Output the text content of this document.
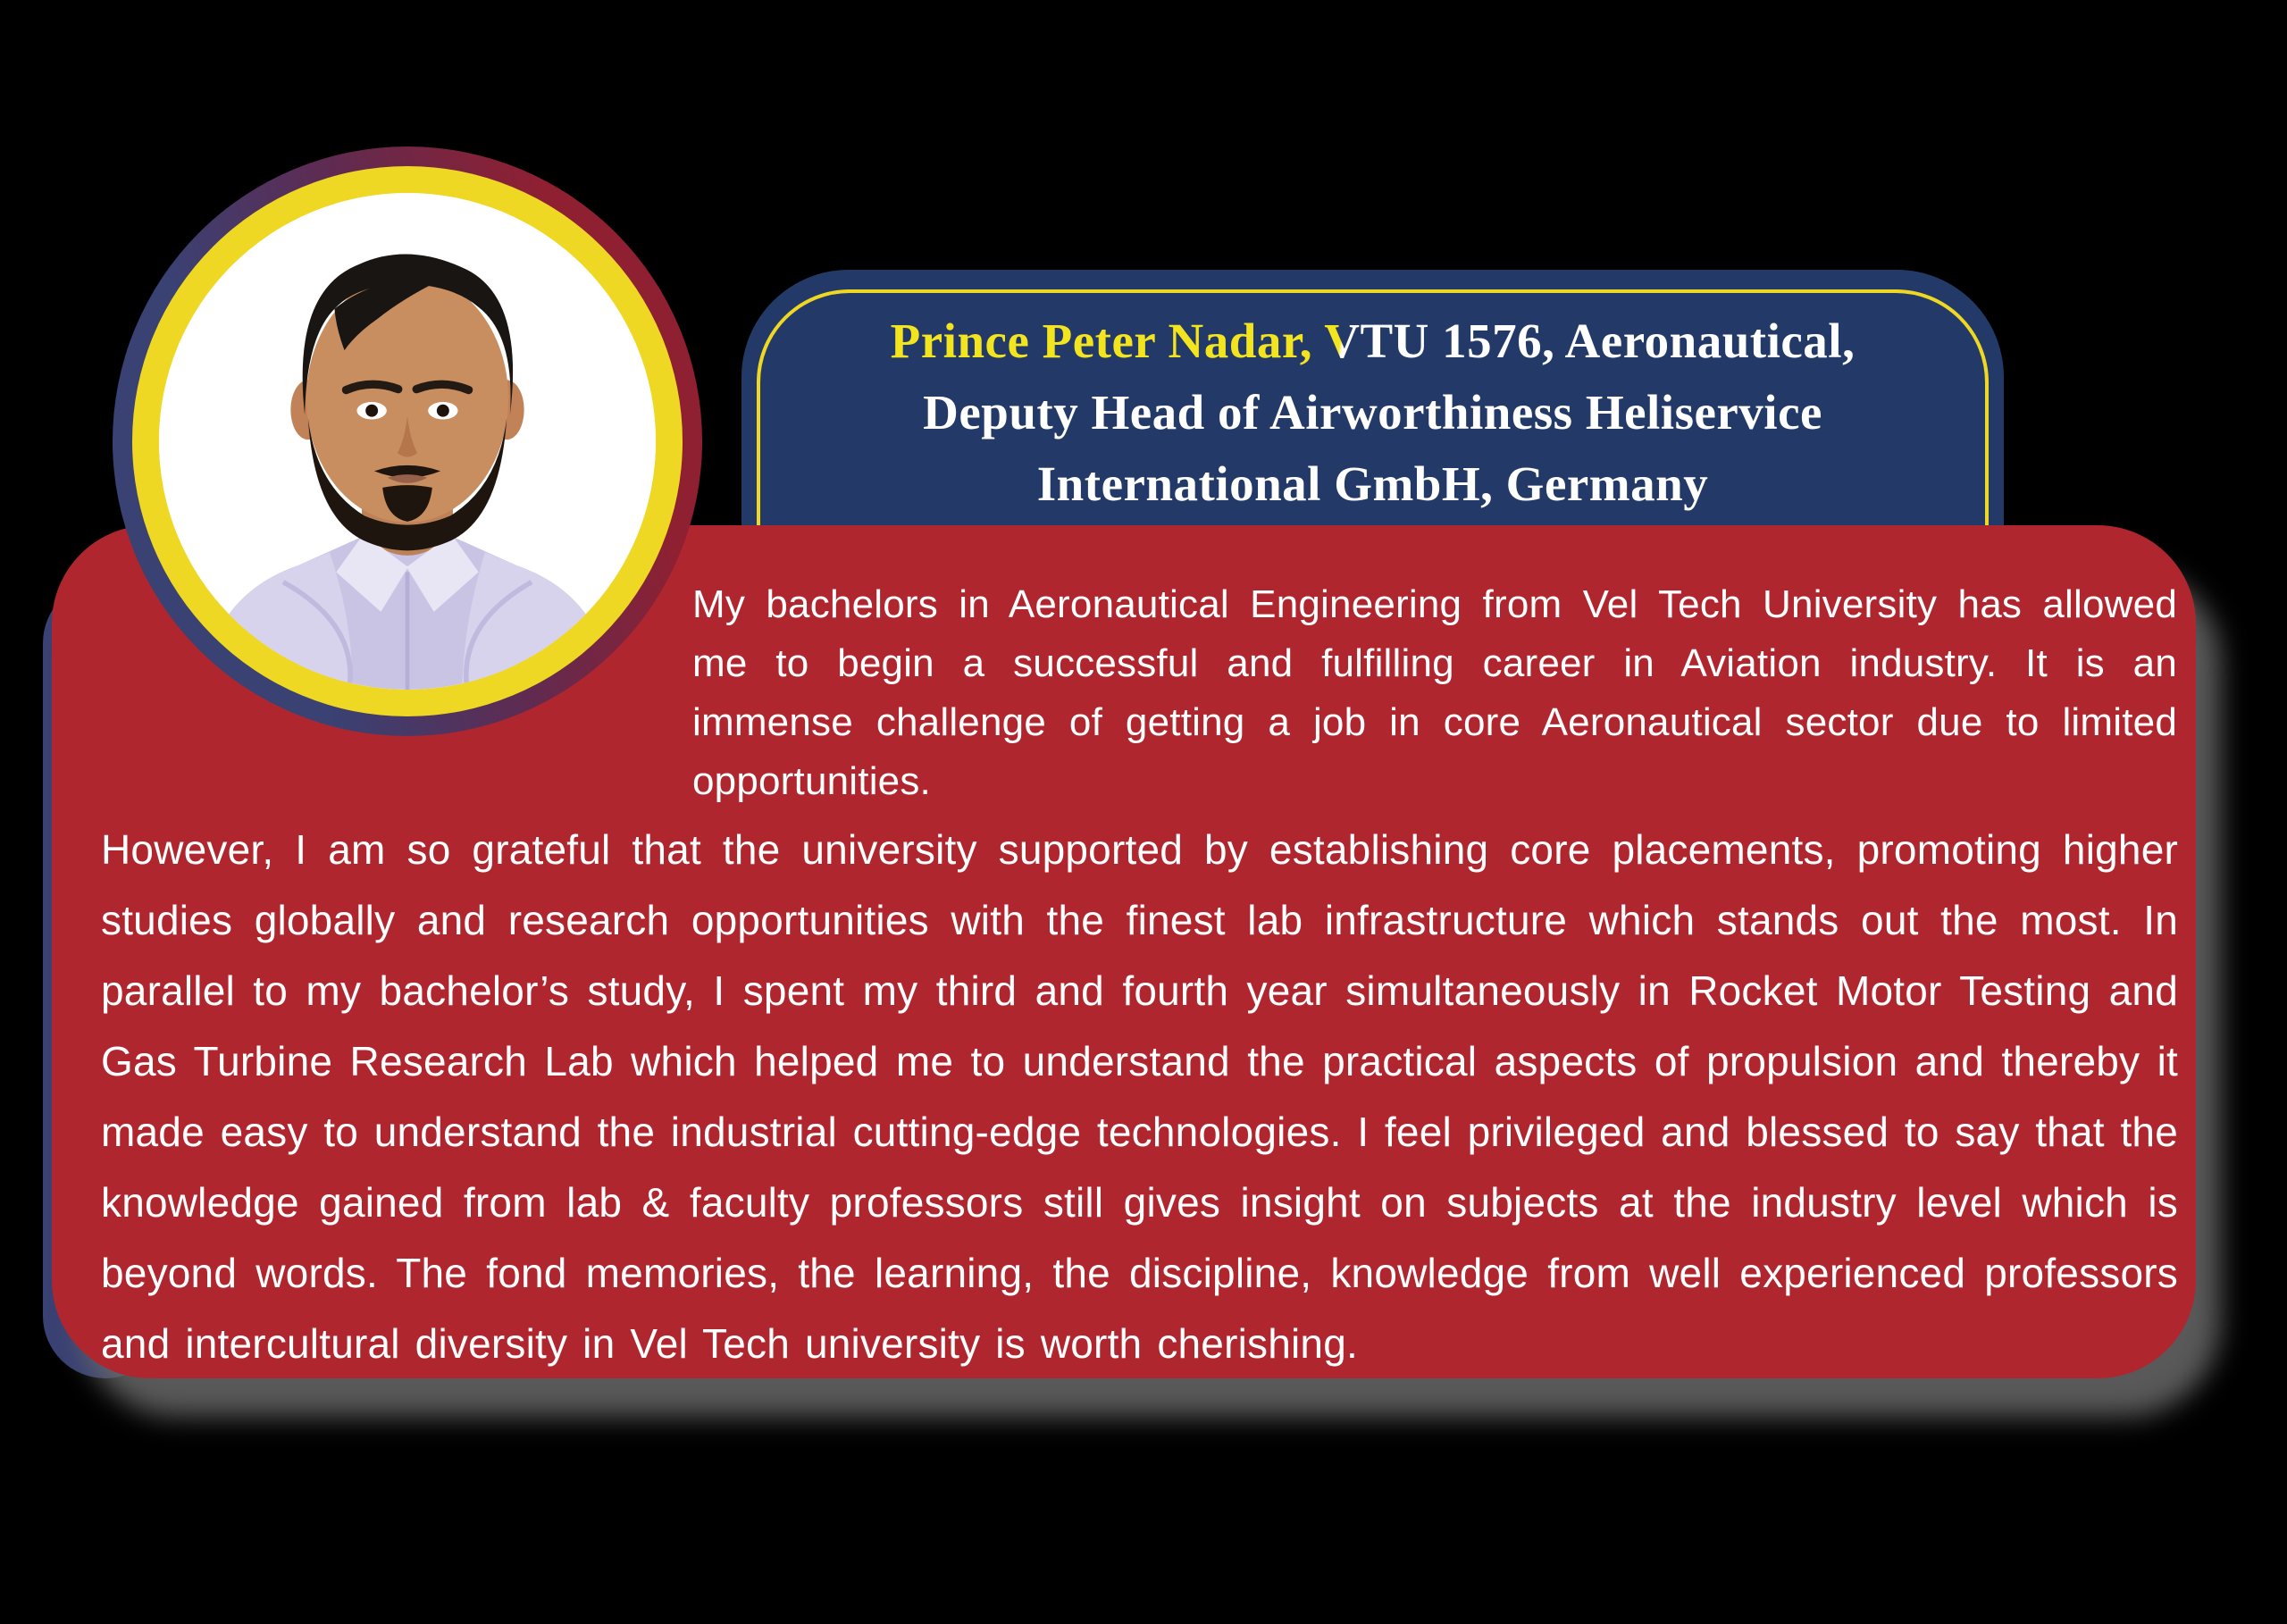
Prince Peter Nadar, VTU 1576, Aeronautical,
Deputy Head of Airworthiness Heliservice
International GmbH, Germany

My bachelors in Aeronautical Engineering from Vel Tech University has allowed me to begin a successful and fulfilling career in Aviation industry. It is an immense challenge of getting a job in core Aeronautical sector due to limited opportunities.

However, I am so grateful that the university supported by establishing core placements, promoting higher studies globally and research opportunities with the finest lab infrastructure which stands out the most. In parallel to my bachelor’s study, I spent my third and fourth year simultaneously in Rocket Motor Testing and Gas Turbine Research Lab which helped me to understand the practical aspects of propulsion and thereby it made easy to understand the industrial cutting-edge technologies. I feel privileged and blessed to say that the knowledge gained from lab & faculty professors still gives insight on subjects at the industry level which is beyond words. The fond memories, the learning, the discipline, knowledge from well experienced professors and intercultural diversity in Vel Tech university is worth cherishing.
